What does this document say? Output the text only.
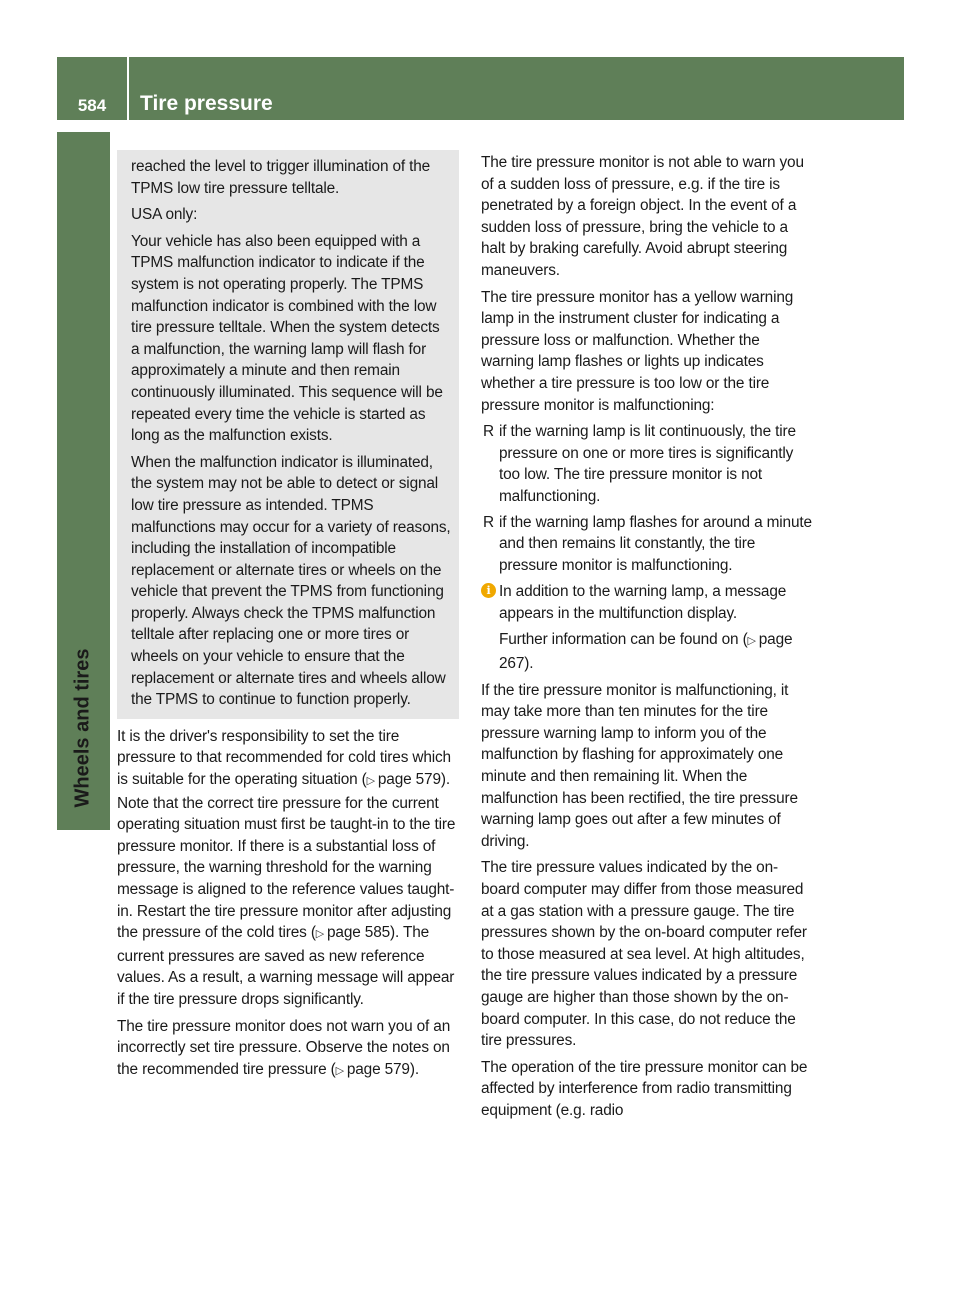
584	Tire pressure
Wheels and tires

reached the level to trigger illumination of the TPMS low tire pressure telltale.

USA only:

Your vehicle has also been equipped with a TPMS malfunction indicator to indicate if the system is not operating properly. The TPMS malfunction indicator is combined with the low tire pressure telltale. When the system detects a malfunction, the warning lamp will flash for approximately a minute and then remain continuously illuminated. This sequence will be repeated every time the vehicle is started as long as the malfunction exists.

When the malfunction indicator is illuminated, the system may not be able to detect or signal low tire pressure as intended. TPMS malfunctions may occur for a variety of reasons, including the installation of incompatible replacement or alternate tires or wheels on the vehicle that prevent the TPMS from functioning properly. Always check the TPMS malfunction telltale after replacing one or more tires or wheels on your vehicle to ensure that the replacement or alternate tires and wheels allow the TPMS to continue to function properly.

It is the driver's responsibility to set the tire pressure to that recommended for cold tires which is suitable for the operating situation (▷ page 579). Note that the correct tire pressure for the current operating situation must first be taught-in to the tire pressure monitor. If there is a substantial loss of pressure, the warning threshold for the warning message is aligned to the reference values taught-in. Restart the tire pressure monitor after adjusting the pressure of the cold tires (▷ page 585). The current pressures are saved as new reference values. As a result, a warning message will appear if the tire pressure drops significantly.

The tire pressure monitor does not warn you of an incorrectly set tire pressure. Observe the notes on the recommended tire pressure (▷ page 579).

The tire pressure monitor is not able to warn you of a sudden loss of pressure, e.g. if the tire is penetrated by a foreign object. In the event of a sudden loss of pressure, bring the vehicle to a halt by braking carefully. Avoid abrupt steering maneuvers.

The tire pressure monitor has a yellow warning lamp in the instrument cluster for indicating a pressure loss or malfunction. Whether the warning lamp flashes or lights up indicates whether a tire pressure is too low or the tire pressure monitor is malfunctioning:

R if the warning lamp is lit continuously, the tire pressure on one or more tires is significantly too low. The tire pressure monitor is not malfunctioning.
R if the warning lamp flashes for around a minute and then remains lit constantly, the tire pressure monitor is malfunctioning.
i In addition to the warning lamp, a message appears in the multifunction display.

Further information can be found on (▷ page 267).

If the tire pressure monitor is malfunctioning, it may take more than ten minutes for the tire pressure warning lamp to inform you of the malfunction by flashing for approximately one minute and then remaining lit. When the malfunction has been rectified, the tire pressure warning lamp goes out after a few minutes of driving.

The tire pressure values indicated by the on-board computer may differ from those measured at a gas station with a pressure gauge. The tire pressures shown by the on-board computer refer to those measured at sea level. At high altitudes, the tire pressure values indicated by a pressure gauge are higher than those shown by the on-board computer. In this case, do not reduce the tire pressures.

The operation of the tire pressure monitor can be affected by interference from radio transmitting equipment (e.g. radio
